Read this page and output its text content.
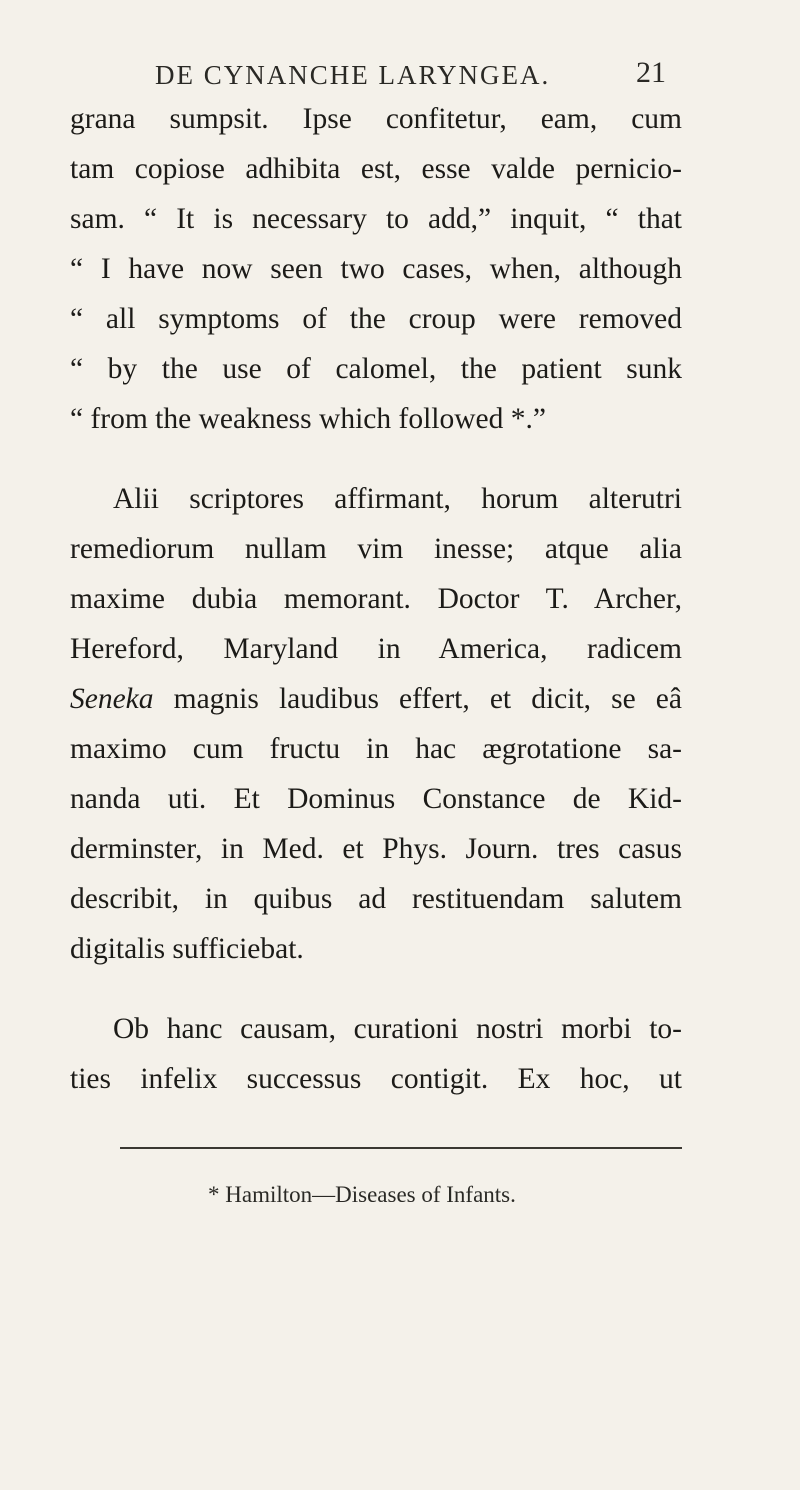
DE CYNANCHE LARYNGEA.	21
grana sumpsit. Ipse confitetur, eam, cum
tam copiose adhibita est, esse valde pernicio-
sam. “ It is necessary to add,” inquit, “ that
“ I have now seen two cases, when, although
“ all symptoms of the croup were removed
“ by the use of calomel, the patient sunk
“ from the weakness which followed *.”
Alii scriptores affirmant, horum alterutri
remediorum nullam vim inesse; atque alia
maxime dubia memorant. Doctor T. Archer,
Hereford, Maryland in America, radicem
Seneka magnis laudibus effert, et dicit, se eâ
maximo cum fructu in hac ægrotatione sa-
nanda uti. Et Dominus Constance de Kid-
derminster, in Med. et Phys. Journ. tres casus
describit, in quibus ad restituendam salutem
digitalis sufficiebat.
Ob hanc causam, curationi nostri morbi to-
ties infelix successus contigit. Ex hoc, ut
* Hamilton—Diseases of Infants.
